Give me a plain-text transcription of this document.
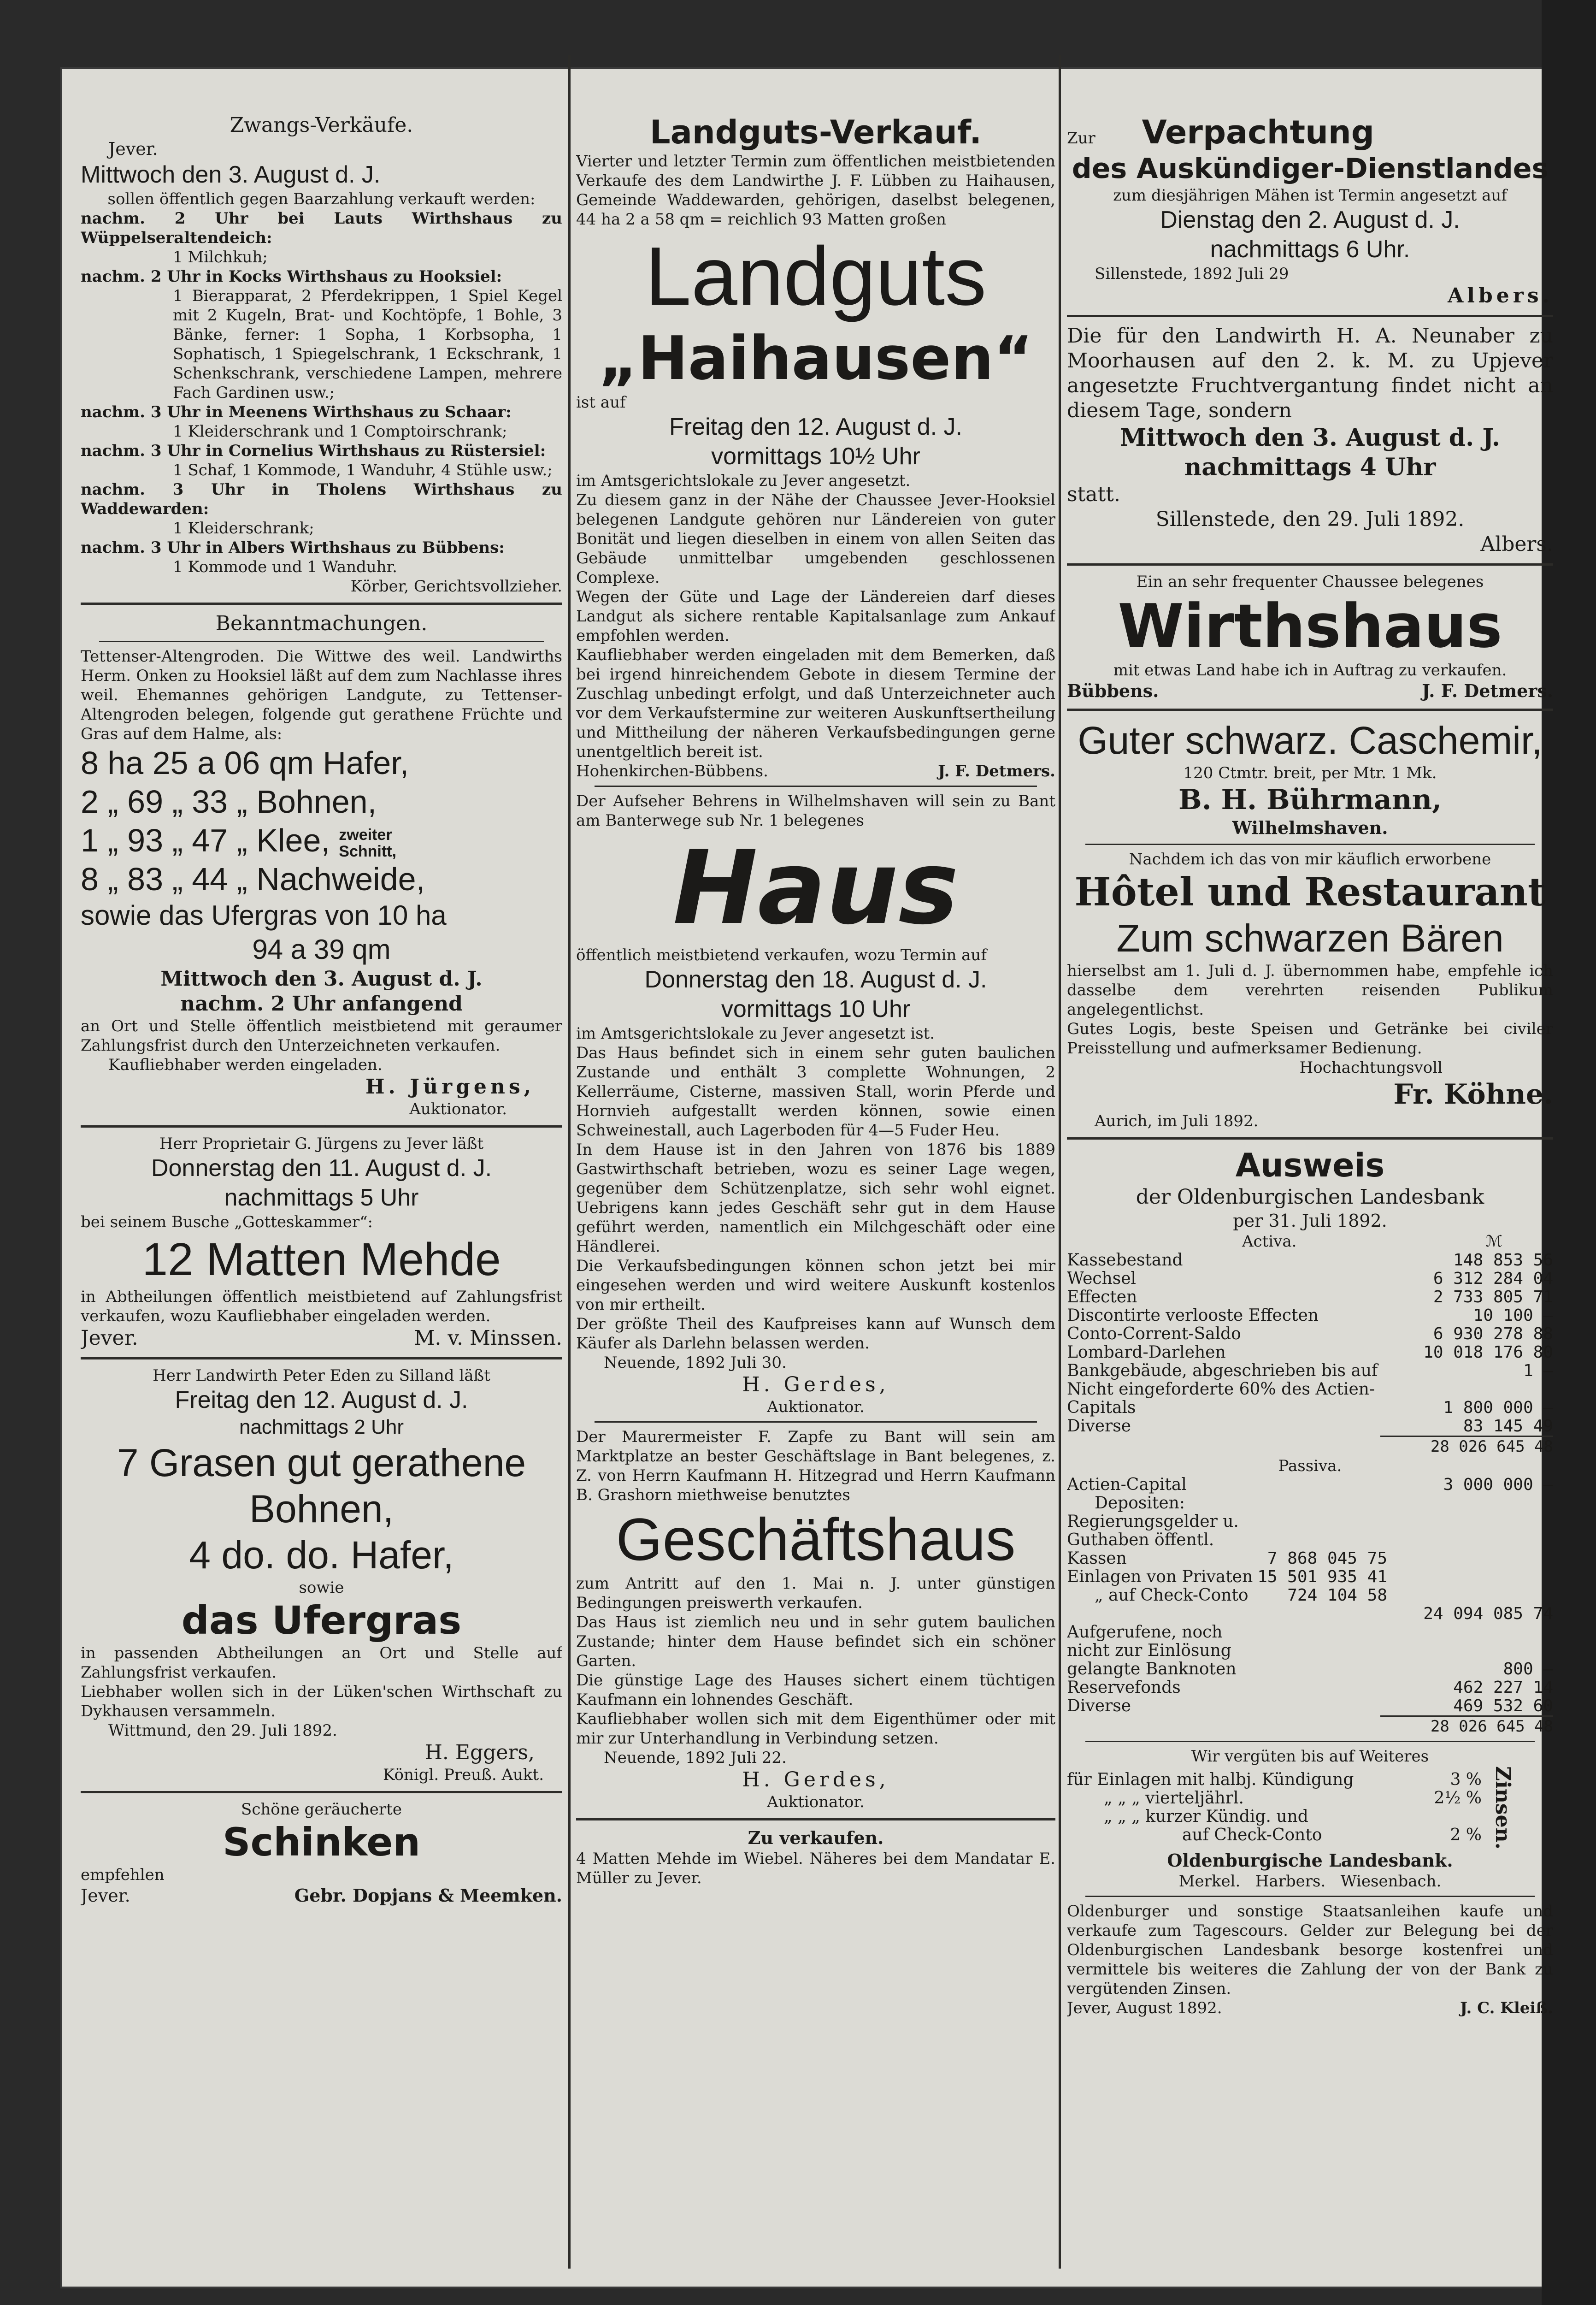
Zwangs-Verkäufe.

Jever.

Mittwoch den 3. August d. J.

sollen öffentlich gegen Baarzahlung verkauft werden:

nachm. 2 Uhr bei Lauts Wirthshaus zu Wüppelseraltendeich:

1 Milchkuh;

nachm. 2 Uhr in Kocks Wirthshaus zu Hooksiel:

1 Bierapparat, 2 Pferdekrippen, 1 Spiel Kegel mit 2 Kugeln, Brat- und Kochtöpfe, 1 Bohle, 3 Bänke, ferner: 1 Sopha, 1 Korbsopha, 1 Sophatisch, 1 Spiegelschrank, 1 Eckschrank, 1 Schenkschrank, verschiedene Lampen, mehrere Fach Gardinen usw.;

nachm. 3 Uhr in Meenens Wirthshaus zu Schaar:

1 Kleiderschrank und 1 Comptoirschrank;

nachm. 3 Uhr in Cornelius Wirthshaus zu Rüstersiel:

1 Schaf, 1 Kommode, 1 Wanduhr, 4 Stühle usw.;

nachm. 3 Uhr in Tholens Wirthshaus zu Waddewarden:

1 Kleiderschrank;

nachm. 3 Uhr in Albers Wirthshaus zu Bübbens:

1 Kommode und 1 Wanduhr.

Körber, Gerichtsvollzieher.

Bekanntmachungen.

Tettenser-Altengroden. Die Wittwe des weil. Landwirths Herm. Onken zu Hooksiel läßt auf dem zum Nachlasse ihres weil. Ehemannes gehörigen Landgute, zu Tettenser-Altengroden belegen, folgende gut gerathene Früchte und Gras auf dem Halme, als:

8 ha 25 a 06 qm Hafer,

2 „ 69 „ 33 „ Bohnen,

1 „ 93 „ 47 „ Klee, zweiter Schnitt,

8 „ 83 „ 44 „ Nachweide,

sowie das Ufergras von 10 ha

94 a 39 qm

Mittwoch den 3. August d. J.

nachm. 2 Uhr anfangend

an Ort und Stelle öffentlich meistbietend mit geraumer Zahlungsfrist durch den Unterzeichneten verkaufen.

Kaufliebhaber werden eingeladen.

H. Jürgens,

Auktionator.

Herr Proprietair G. Jürgens zu Jever läßt

Donnerstag den 11. August d. J.

nachmittags 5 Uhr

bei seinem Busche „Gotteskammer“:

12 Matten Mehde

in Abtheilungen öffentlich meistbietend auf Zahlungsfrist verkaufen, wozu Kaufliebhaber eingeladen werden.

Jever.	M. v. Minssen.

Herr Landwirth Peter Eden zu Silland läßt

Freitag den 12. August d. J.

nachmittags 2 Uhr

7 Grasen gut gerathene

Bohnen,

4 do. do. Hafer,

sowie

das Ufergras

in passenden Abtheilungen an Ort und Stelle auf Zahlungsfrist verkaufen.

Liebhaber wollen sich in der Lüken'schen Wirthschaft zu Dykhausen versammeln.

Wittmund, den 29. Juli 1892.

H. Eggers,

Königl. Preuß. Aukt.

Schöne geräucherte

Schinken

empfehlen

Jever.	Gebr. Dopjans & Meemken.

Landguts-Verkauf.

Vierter und letzter Termin zum öffentlichen meistbietenden Verkaufe des dem Landwirthe J. F. Lübben zu Haihausen, Gemeinde Waddewarden, gehörigen, daselbst belegenen, 44 ha 2 a 58 qm = reichlich 93 Matten großen

Landguts

„Haihausen“

ist auf

Freitag den 12. August d. J.

vormittags 10½ Uhr

im Amtsgerichtslokale zu Jever angesetzt.

Zu diesem ganz in der Nähe der Chaussee Jever-Hooksiel belegenen Landgute gehören nur Ländereien von guter Bonität und liegen dieselben in einem von allen Seiten das Gebäude unmittelbar umgebenden geschlossenen Complexe.

Wegen der Güte und Lage der Ländereien darf dieses Landgut als sichere rentable Kapitalsanlage zum Ankauf empfohlen werden.

Kaufliebhaber werden eingeladen mit dem Bemerken, daß bei irgend hinreichendem Gebote in diesem Termine der Zuschlag unbedingt erfolgt, und daß Unterzeichneter auch vor dem Verkaufstermine zur weiteren Auskunftsertheilung und Mittheilung der näheren Verkaufsbedingungen gerne unentgeltlich bereit ist.

Hohenkirchen-Bübbens.	J. F. Detmers.

Der Aufseher Behrens in Wilhelmshaven will sein zu Bant am Banterwege sub Nr. 1 belegenes

Haus

öffentlich meistbietend verkaufen, wozu Termin auf

Donnerstag den 18. August d. J.

vormittags 10 Uhr

im Amtsgerichtslokale zu Jever angesetzt ist.

Das Haus befindet sich in einem sehr guten baulichen Zustande und enthält 3 complette Wohnungen, 2 Kellerräume, Cisterne, massiven Stall, worin Pferde und Hornvieh aufgestallt werden können, sowie einen Schweinestall, auch Lagerboden für 4—5 Fuder Heu.

In dem Hause ist in den Jahren von 1876 bis 1889 Gastwirthschaft betrieben, wozu es seiner Lage wegen, gegenüber dem Schützenplatze, sich sehr wohl eignet. Uebrigens kann jedes Geschäft sehr gut in dem Hause geführt werden, namentlich ein Milchgeschäft oder eine Händlerei.

Die Verkaufsbedingungen können schon jetzt bei mir eingesehen werden und wird weitere Auskunft kostenlos von mir ertheilt.

Der größte Theil des Kaufpreises kann auf Wunsch dem Käufer als Darlehn belassen werden.

Neuende, 1892 Juli 30.

H. Gerdes,

Auktionator.

Der Maurermeister F. Zapfe zu Bant will sein am Marktplatze an bester Geschäftslage in Bant belegenes, z. Z. von Herrn Kaufmann H. Hitzegrad und Herrn Kaufmann B. Grashorn miethweise benutztes

Geschäftshaus

zum Antritt auf den 1. Mai n. J. unter günstigen Bedingungen preiswerth verkaufen.

Das Haus ist ziemlich neu und in sehr gutem baulichen Zustande; hinter dem Hause befindet sich ein schöner Garten.

Die günstige Lage des Hauses sichert einem tüchtigen Kaufmann ein lohnendes Geschäft.

Kaufliebhaber wollen sich mit dem Eigenthümer oder mit mir zur Unterhandlung in Verbindung setzen.

Neuende, 1892 Juli 22.

H. Gerdes,

Auktionator.

Zu verkaufen.

4 Matten Mehde im Wiebel. Näheres bei dem Mandatar E. Müller zu Jever.

Zur Verpachtung

des Auskündiger-Dienstlandes

zum diesjährigen Mähen ist Termin angesetzt auf

Dienstag den 2. August d. J.

nachmittags 6 Uhr.

Sillenstede, 1892 Juli 29

Albers.

Die für den Landwirth H. A. Neunaber zu Moorhausen auf den 2. k. M. zu Upjever angesetzte Fruchtvergantung findet nicht an diesem Tage, sondern

Mittwoch den 3. August d. J.

nachmittags 4 Uhr

statt.

Sillenstede, den 29. Juli 1892.

Albers.

Ein an sehr frequenter Chaussee belegenes

Wirthshaus

mit etwas Land habe ich in Auftrag zu verkaufen.

Bübbens.	J. F. Detmers.

Guter schwarz. Caschemir,

120 Ctmtr. breit, per Mtr. 1 Mk.

B. H. Bührmann,

Wilhelmshaven.

Nachdem ich das von mir käuflich erworbene

Hôtel und Restaurant

Zum schwarzen Bären

hierselbst am 1. Juli d. J. übernommen habe, empfehle ich dasselbe dem verehrten reisenden Publikum angelegentlichst.

Gutes Logis, beste Speisen und Getränke bei civiler Preisstellung und aufmerksamer Bedienung.

Hochachtungsvoll

Fr. Köhne.

Aurich, im Juli 1892.

Ausweis

der Oldenburgischen Landesbank

per 31. Juli 1892.

Activa.	ℳ
Kassebestand	148 853 56
Wechsel	6 312 284 04
Effecten	2 733 805 71
Discontirte verlooste Effecten	10 100 —
Conto-Corrent-Saldo	6 930 278 88
Lombard-Darlehen	10 018 176 80
Bankgebäude, abgeschrieben bis auf	1 —
Nicht eingeforderte 60% des Actien-Capitals	1 800 000 —
Diverse	83 145 49

28 026 645 48

Passiva.

Actien-Capital	3 000 000 —
Depositen:	
Regierungsgelder u. Guthaben öffentl. Kassen	7 868 045 75
Einlagen von Privaten	15 501 935 41
„ auf Check-Conto	724 104 58
	24 094 085 74
Aufgerufene, noch nicht zur Einlösung gelangte Banknoten	800 —
Reservefonds	462 227 14
Diverse	469 532 60

28 026 645 48

Wir vergüten bis auf Weiteres

für Einlagen mit halbj. Kündigung	3 %
„ „ „ vierteljährl.	2½ %
„ „ „ kurzer Kündig. und	
auf Check-Conto	2 % Zinsen.

Oldenburgische Landesbank.

Merkel.   Harbers.   Wiesenbach.

Oldenburger und sonstige Staatsanleihen kaufe und verkaufe zum Tagescours. Gelder zur Belegung bei der Oldenburgischen Landesbank besorge kostenfrei und vermittele bis weiteres die Zahlung der von der Bank zu vergütenden Zinsen.

Jever, August 1892.	J. C. Kleiß.
